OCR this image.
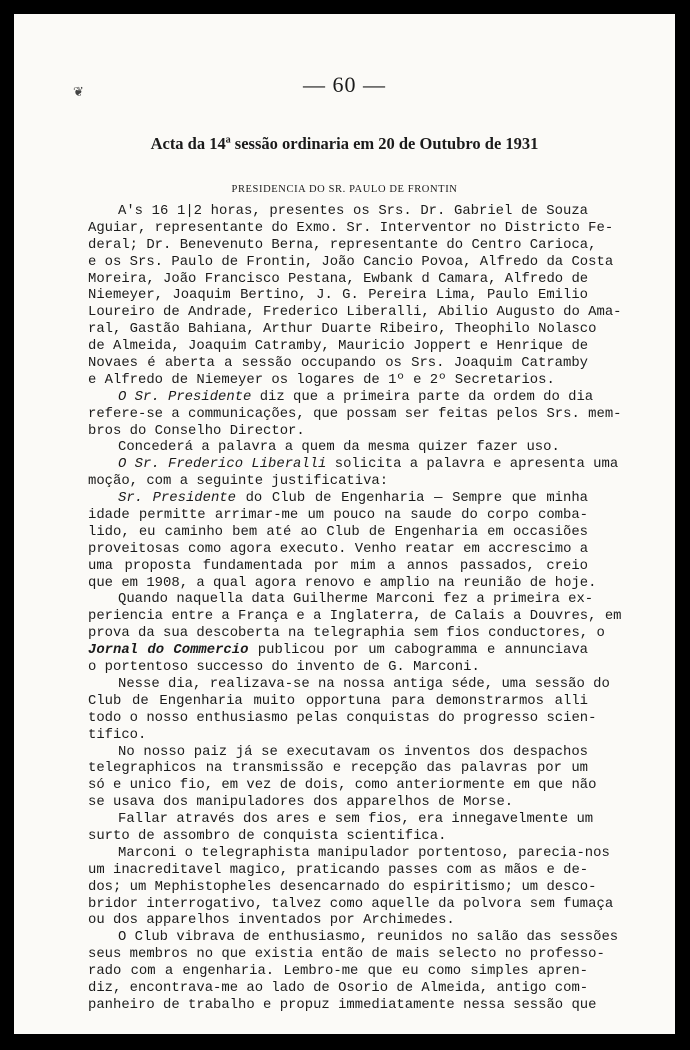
❦	— 60 —
Acta da 14ª sessão ordinaria em 20 de Outubro de 1931
PRESIDENCIA DO SR. PAULO DE FRONTIN
A's 16 1|2 horas, presentes os Srs. Dr. Gabriel de Souza
Aguiar, representante do Exmo. Sr. Interventor no Districto Fe-
deral; Dr. Benevenuto Berna, representante do Centro Carioca,
e os Srs. Paulo de Frontin, João Cancio Povoa, Alfredo da Costa
Moreira, João Francisco Pestana, Ewbank d Camara, Alfredo de
Niemeyer, Joaquim Bertino, J. G. Pereira Lima, Paulo Emilio
Loureiro de Andrade, Frederico Liberalli, Abilio Augusto do Ama-
ral, Gastão Bahiana, Arthur Duarte Ribeiro, Theophilo Nolasco
de Almeida, Joaquim Catramby, Mauricio Joppert e Henrique de
Novaes é aberta a sessão occupando os Srs. Joaquim Catramby
e Alfredo de Niemeyer os logares de 1º e 2º Secretarios.
O Sr. Presidente diz que a primeira parte da ordem do dia
refere-se a communicações, que possam ser feitas pelos Srs. mem-
bros do Conselho Director.
Concederá a palavra a quem da mesma quizer fazer uso.
O Sr. Frederico Liberalli solicita a palavra e apresenta uma
moção, com a seguinte justificativa:
Sr. Presidente do Club de Engenharia — Sempre que minha
idade permitte arrimar-me um pouco na saude do corpo comba-
lido, eu caminho bem até ao Club de Engenharia em occasiões
proveitosas como agora executo. Venho reatar em accrescimo a
uma proposta fundamentada por mim a annos passados, creio
que em 1908, a qual agora renovo e amplio na reunião de hoje.
Quando naquella data Guilherme Marconi fez a primeira ex-
periencia entre a França e a Inglaterra, de Calais a Douvres, em
prova da sua descoberta na telegraphia sem fios conductores, o
Jornal do Commercio publicou por um cabogramma e annunciava
o portentoso successo do invento de G. Marconi.
Nesse dia, realizava-se na nossa antiga séde, uma sessão do
Club de Engenharia muito opportuna para demonstrarmos alli
todo o nosso enthusiasmo pelas conquistas do progresso scien-
tifico.
No nosso paiz já se executavam os inventos dos despachos
telegraphicos na transmissão e recepção das palavras por um
só e unico fio, em vez de dois, como anteriormente em que não
se usava dos manipuladores dos apparelhos de Morse.
Fallar através dos ares e sem fios, era innegavelmente um
surto de assombro de conquista scientifica.
Marconi o telegraphista manipulador portentoso, parecia-nos
um inacreditavel magico, praticando passes com as mãos e de-
dos; um Mephistopheles desencarnado do espiritismo; um desco-
bridor interrogativo, talvez como aquelle da polvora sem fumaça
ou dos apparelhos inventados por Archimedes.
O Club vibrava de enthusiasmo, reunidos no salão das sessões
seus membros no que existia então de mais selecto no professo-
rado com a engenharia. Lembro-me que eu como simples apren-
diz, encontrava-me ao lado de Osorio de Almeida, antigo com-
panheiro de trabalho e propuz immediatamente nessa sessão que
